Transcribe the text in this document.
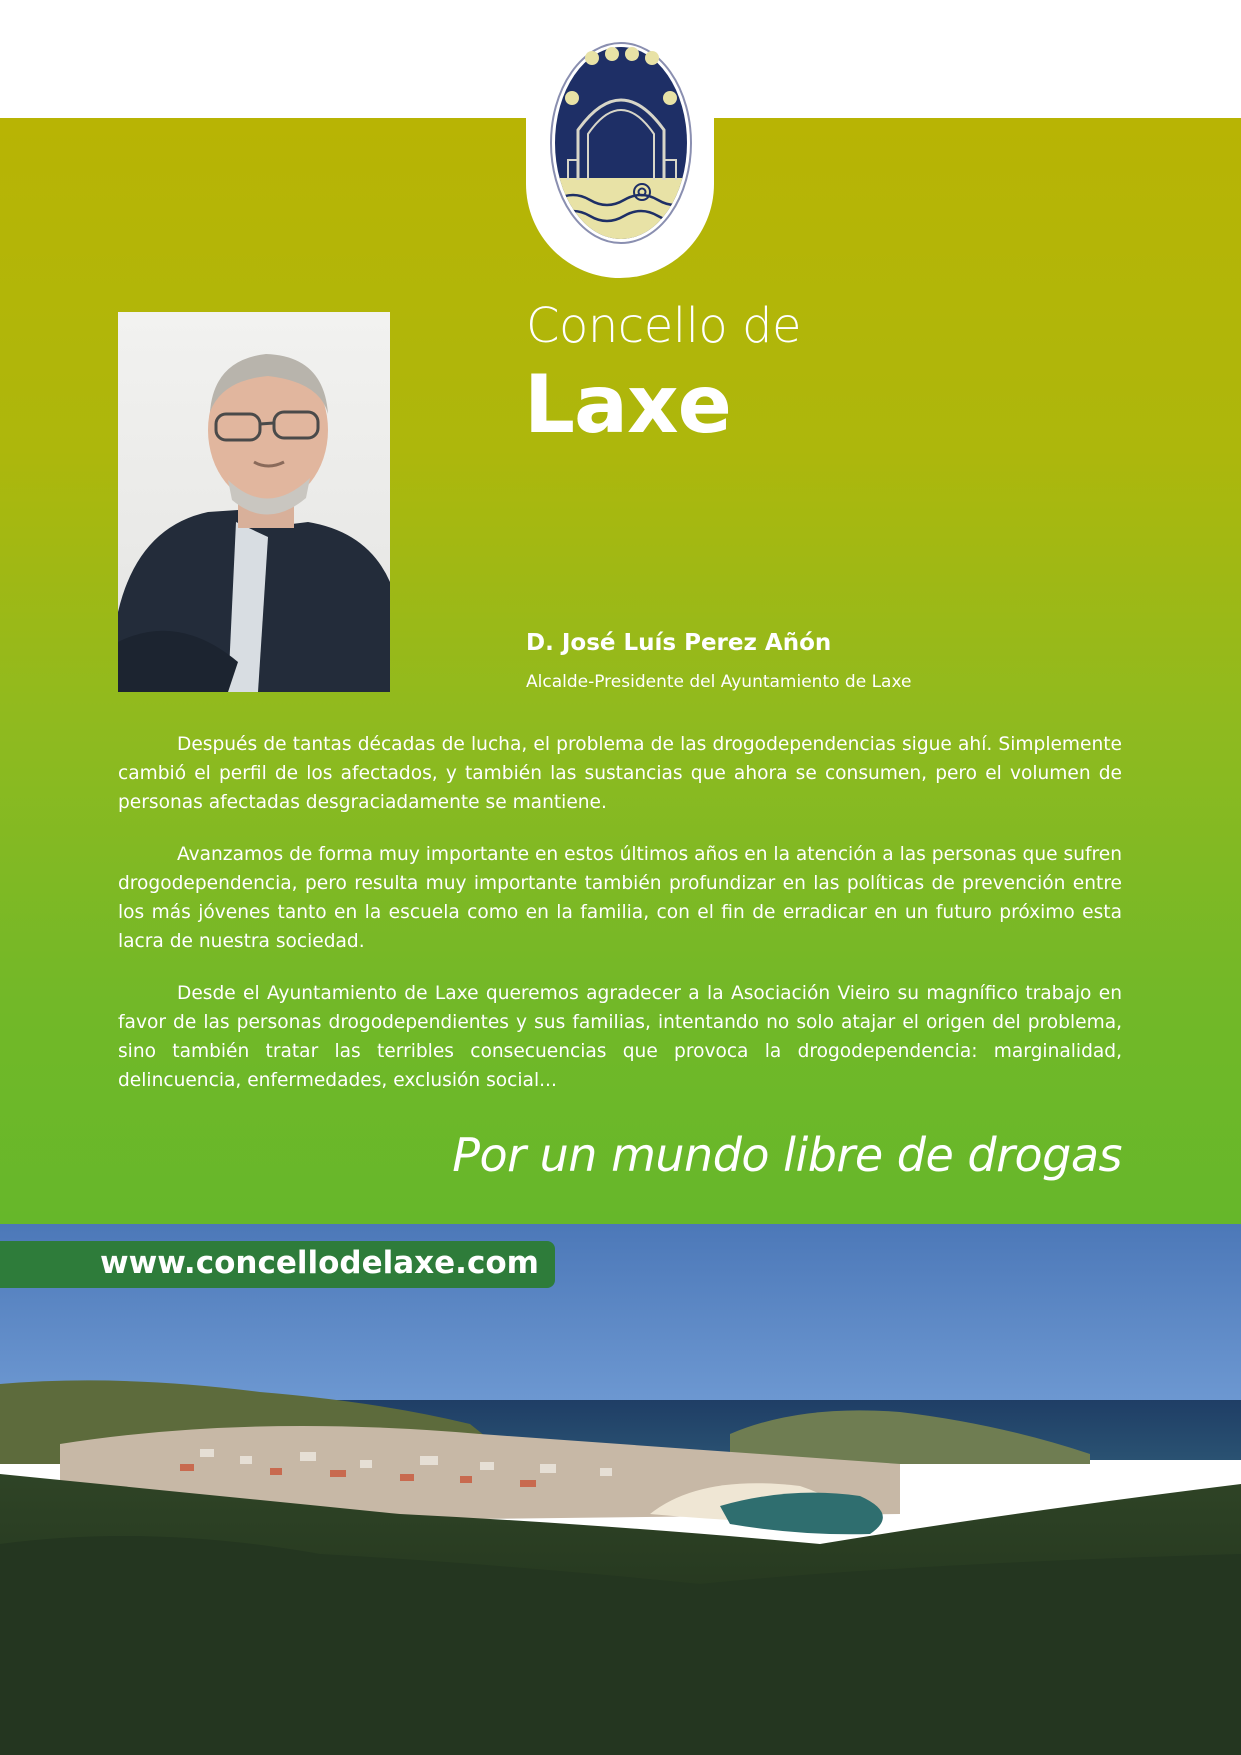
Concello de
Laxe
D. José Luís Perez Añón
Alcalde-Presidente del Ayuntamiento de Laxe

Después de tantas décadas de lucha, el problema de las drogodependencias sigue ahí. Simplemente cambió el perfil de los afectados, y también las sustancias que ahora se consumen, pero el volumen de personas afectadas desgraciadamente se mantiene.

Avanzamos de forma muy importante en estos últimos años en la atención a las personas que sufren drogodependencia, pero resulta muy importante también profundizar en las políticas de prevención entre los más jóvenes tanto en la escuela como en la familia, con el fin de erradicar en un futuro próximo esta lacra de nuestra sociedad.

Desde el Ayuntamiento de Laxe queremos agradecer a la Asociación Vieiro su magnífico trabajo en favor de las personas drogodependientes y sus familias, intentando no solo atajar el origen del problema, sino también tratar las terribles consecuencias que provoca la drogodependencia: marginalidad, delincuencia, enfermedades, exclusión social...

Por un mundo libre de drogas
www.concellodelaxe.com
